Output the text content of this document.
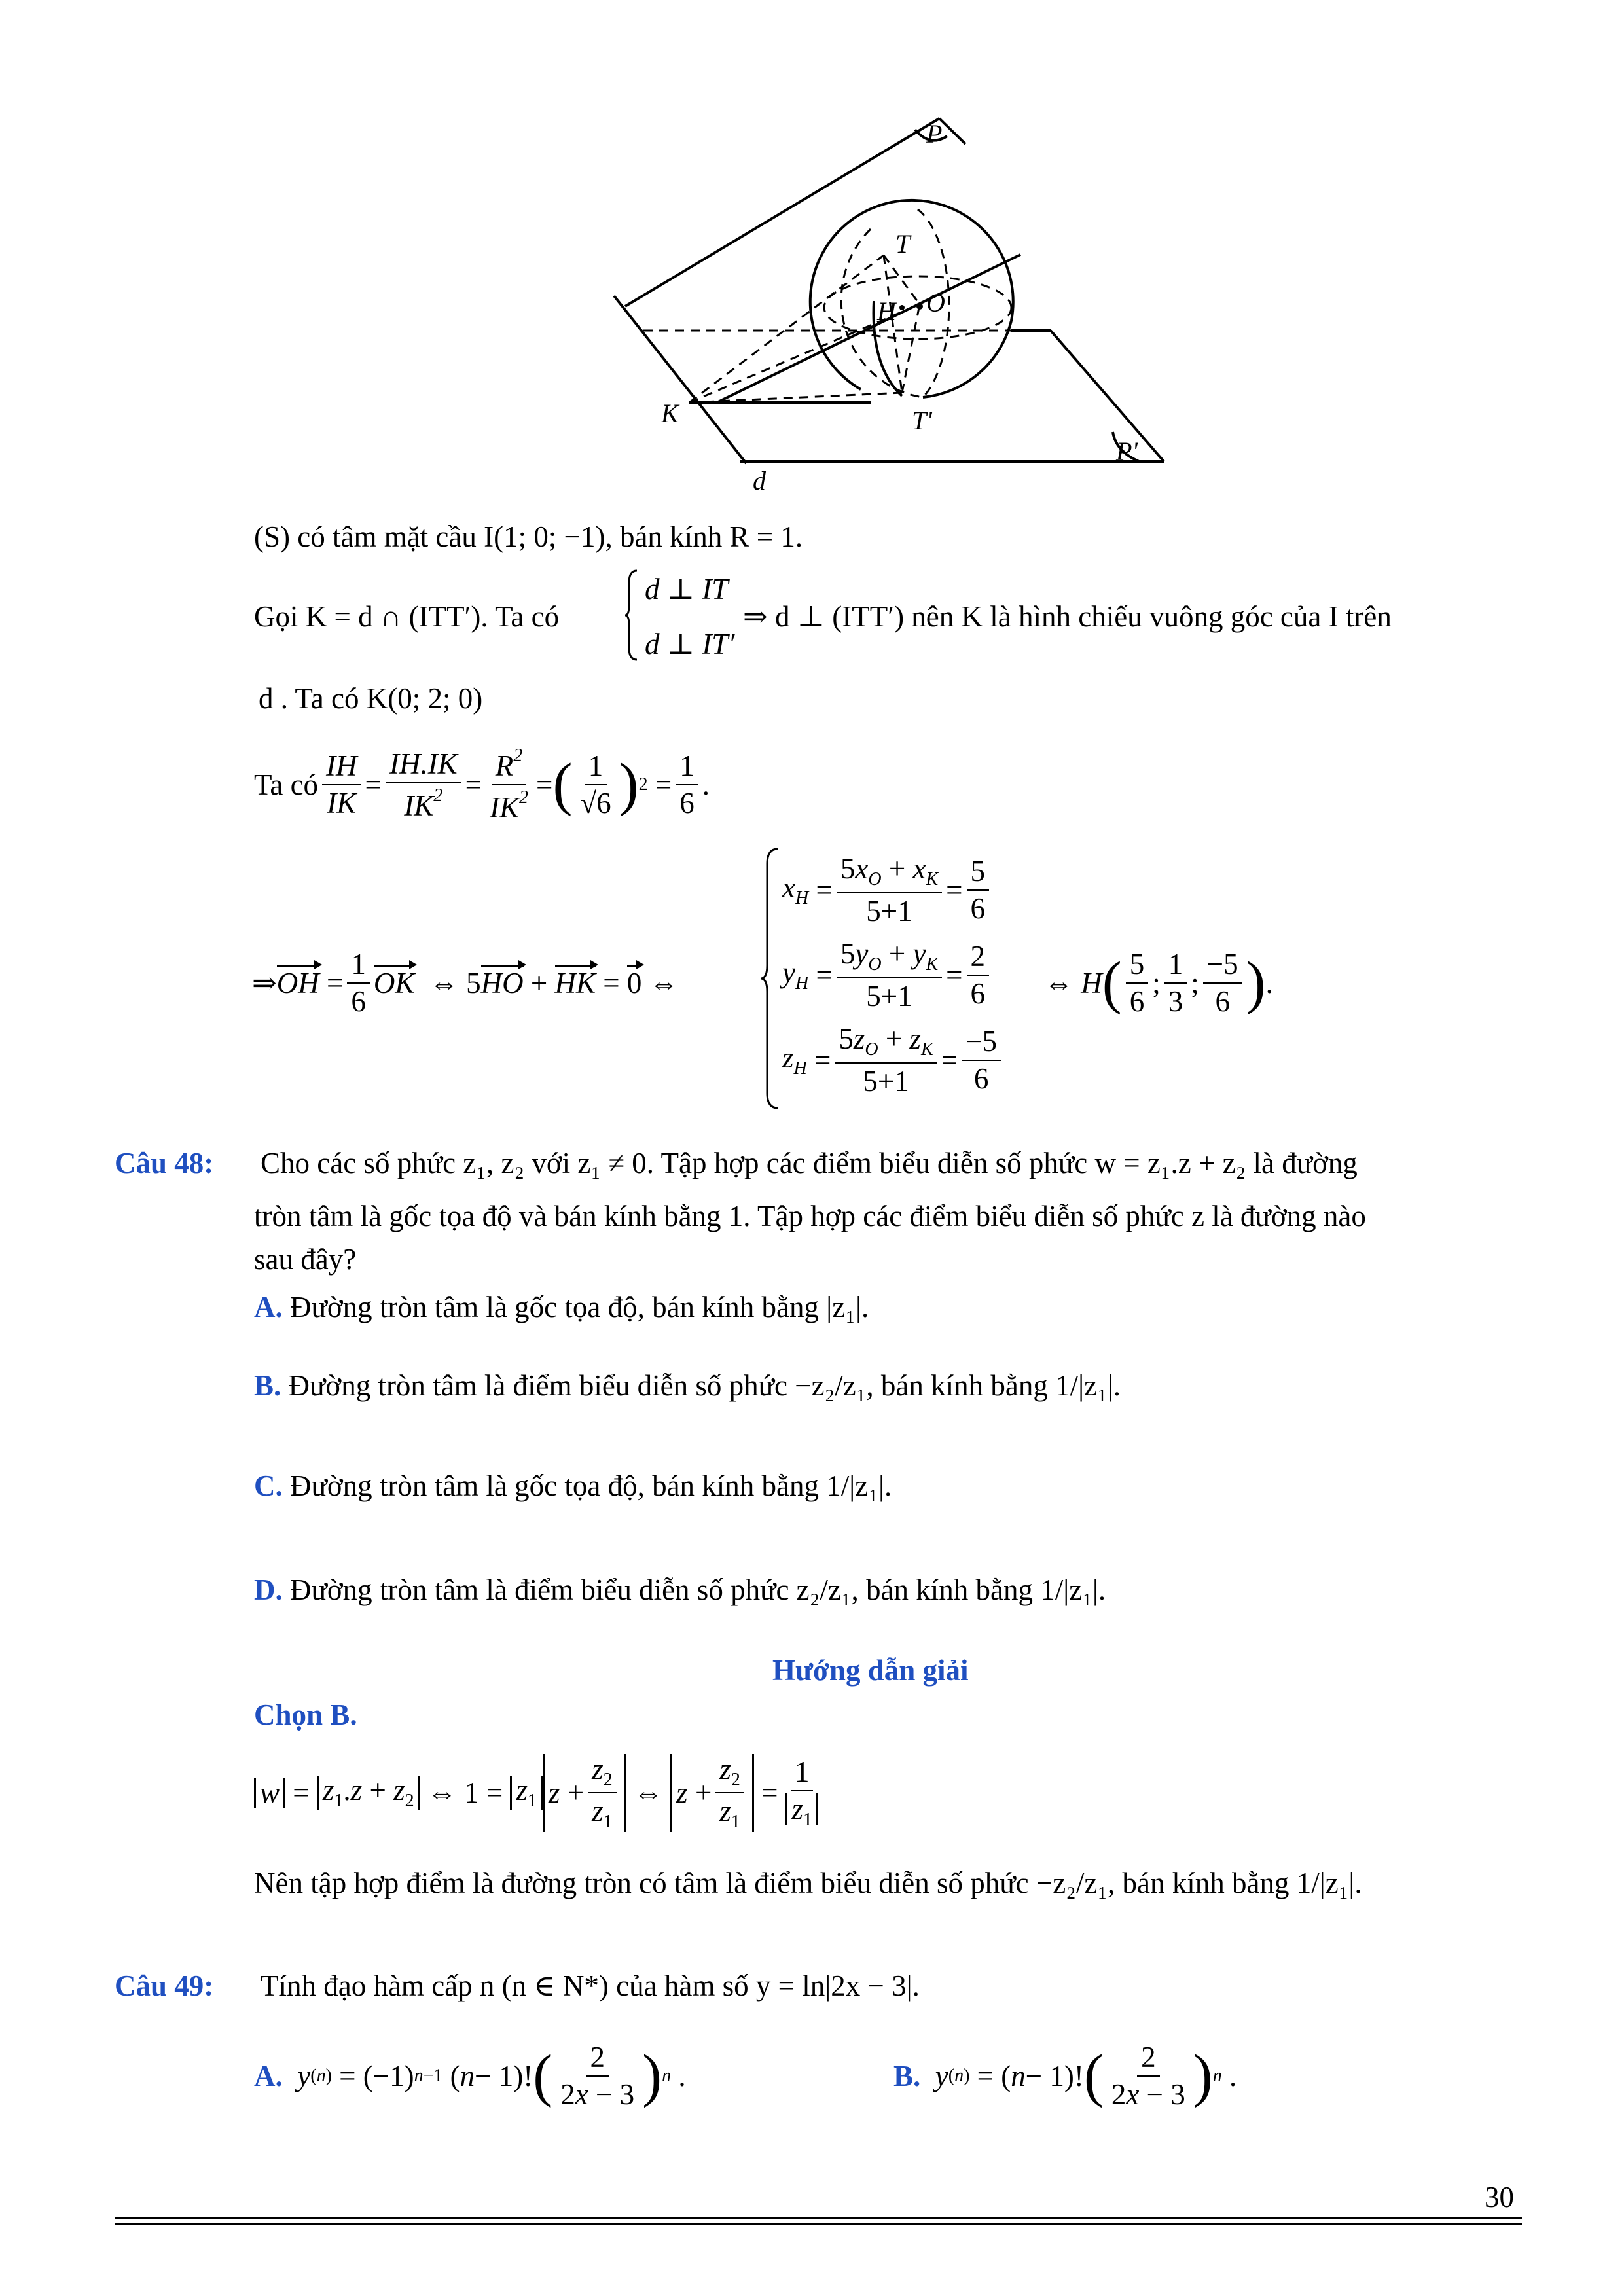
P
T
H O
K	T'
P'
d
(S) có tâm mặt cầu I(1; 0; −1), bán kính R = 1.
Gọi K = d ∩ (ITT′). Ta có
d ⊥ IT
d ⊥ IT′
⇒ d ⊥ (ITT′) nên K là hình chiếu vuông góc của I trên
d . Ta có K(0; 2; 0)
Ta có $\frac{IH}{IK} = \frac{IH.IK}{IK^2} = \frac{R^2}{IK^2}$ = ( $\frac{1}{√6}$ ) $2 = \frac{1}{6}$ .
⇒ OH = $\frac{1}{6}$ OK ⇔ 5 HO + HK = 0 ⇔
$x_H = \frac{5x_O + x_K}{5+1} = \frac{5}{6}$
$y_H = \frac{5y_O + y_K}{5+1} = \frac{2}{6}$
$z_H = \frac{5z_O + z_K}{5+1} = \frac{-5}{6}$
⇔ H ( $\frac{5}{6}$ ; $\frac{1}{3}$ ; $\frac{-5}{6}$ ) .
Câu 48: Cho các số phức z₁, z₂ với z₁ ≠ 0. Tập hợp các điểm biểu diễn số phức w = z₁.z + z₂ là đường
tròn tâm là gốc tọa độ và bán kính bằng 1. Tập hợp các điểm biểu diễn số phức z là đường nào
sau đây?
A. Đường tròn tâm là gốc tọa độ, bán kính bằng |z₁|.
B. Đường tròn tâm là điểm biểu diễn số phức −z₂/z₁, bán kính bằng 1/|z₁|.
C. Đường tròn tâm là gốc tọa độ, bán kính bằng 1/|z₁|.
D. Đường tròn tâm là điểm biểu diễn số phức z₂/z₁, bán kính bằng 1/|z₁|.
Hướng dẫn giải
Chọn B.
$w = z_1.z + z_2$ ⇔ $1 = z_1$ $z + \frac{z_2}{z_1}$ ⇔ $z + \frac{z_2}{z_1} = \frac{1}{z_1}$
Nên tập hợp điểm là đường tròn có tâm là điểm biểu diễn số phức −z₂/z₁, bán kính bằng 1/|z₁|.
Câu 49: Tính đạo hàm cấp n (n ∈ N*) của hàm số y = ln|2x − 3|.
A.
y (n) = (−1) n−1 ( n − 1)! ( $\frac{2}{2x - 3}$ ) n .	B.
y (n) = ( n − 1)! ( $\frac{2}{2x - 3}$ ) n .
30
